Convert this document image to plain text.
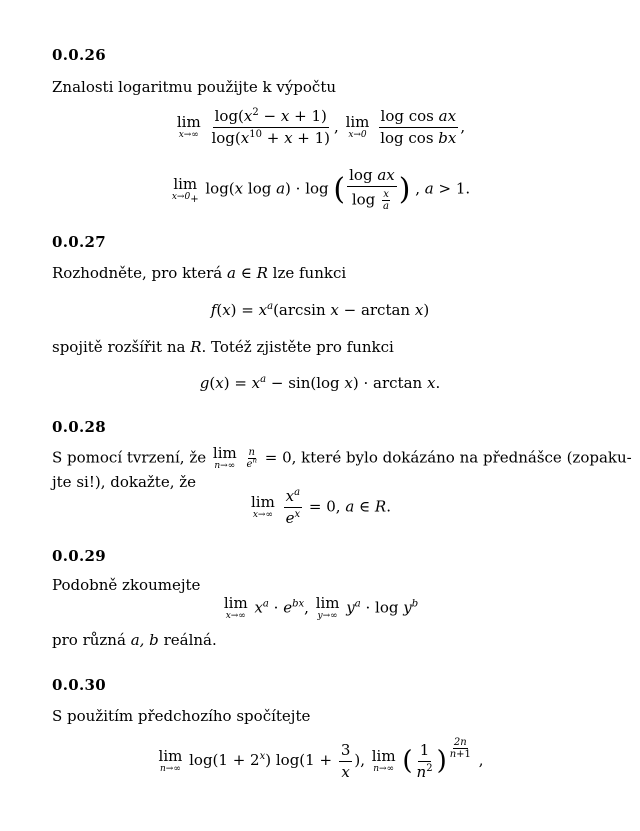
0.0.26
Znalosti logaritmu použijte k výpočtu
lim
x→∞
$\frac{\log(x^2 - x + 1)}{\log(x^{10} + x + 1)}$ , lim
x→0
$\frac{\text{log cos ax}}{\text{log cos bx}}$ ,
lim
$x\to 0_+$
log(x log a) · log ( $\frac{\text{log ax}}{\log \frac{x}{a}}$ ) , a > 1.
0.0.27
Rozhodněte, pro která a ∈ R lze funkci
$f(x) = x^a(\arcsin$ x − arctan x)
spojitě rozšířit na R. Totéž zjistěte pro funkci
$g(x) = x^a - \sin(\log$ x) · arctan x.
0.0.28
S pomocí tvrzení, že lim
n→∞
$\frac{n}{e^n} = 0$, které bylo dokázáno na přednášce (zopaku-
jte si!), dokažte, že
lim
x→∞
$\frac{x^a}{e^x} = 0$, a ∈ R.
0.0.29
Podobně zkoumejte
lim
x→∞ $x^a \cdot e^{bx}$, lim
y→∞ $y^a \cdot \log y^b$
pro různá a, b reálná.
0.0.30
S použitím předchozího spočítejte
lim
n→∞ $\log(1 + 2^x)$ $\log(1 + \frac{3}{x}$ ), lim
n→∞ ( $\frac{1}{n^2}$ ) $^{\frac{2n}{n+1}}$ ,
